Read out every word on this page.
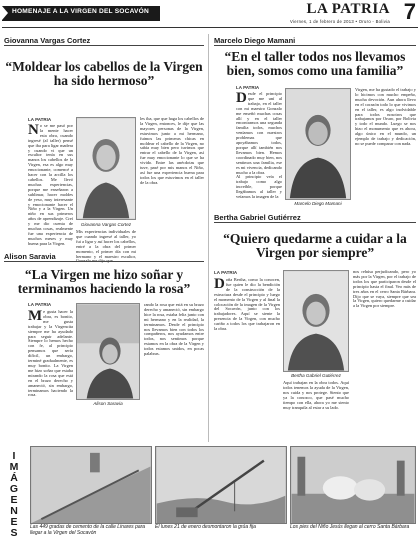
HOMENAJE A LA VIRGEN DEL SOCAVÓN	LA PATRIA
Viernes, 1 de febrero de 2013 • Oruro - Bolivia 7
Giovanna Vargas Cortez
“Moldear los cabellos de la Virgen ha sido hermoso”
LA PATRIA
No se me pasó por la mente hacer esta obra, cuando ingresé (al taller) pensé que iba para ligar madera y cuando vi que un escultor tenía en sus manos los cabellos de la Virgen, esa es algo muy emocionante, comencé a hacer con la arcilla los cabellos. Me llevó muchas experiencias, porque me enseñaron a sublimar, hacer moldes de yeso, muy interesante y emocionante hacer el Niño y a la Virgen. Un niño en sus primeros años de aprendizaje. Creí y me dio cuenta de muchas cosas, realmente fue una experiencia de muchos meses y muy buena para la Virgen.
Giovanna Vargas Cortez
Mis experiencias individuales de que cuando ingresé al taller, yo fui a ligar y así hacer los cabellos, entré a la obra del primer momento, el primer día con mi hermano y el maestro escultor,
les iba, que que haga los cabellos de la Virgen, entonces, le dije que las mayores personas de la Virgen, estuvimos junto a mi hermano, fuimos las primeras chicas en moldear el cabello de la Virgen, no sabía muy bien pero tuvimos que entrar el cabello de la Virgen, así fue muy emocionante lo que se ha vivido. Entre las anécdotas que tuve, pasé por mis manos el Niño, así fue una experiencia buena para todos los que estuvimos en el taller de la obra.
Marcelo Diego Mamani
“En el taller todos nos llevamos bien, somos como una familia”
LA PATRIA
Desde el principio que me uní al trabajo, en el taller con mi maestro Gonzalo me enseñó muchas cosas allí y en el taller encontramos una segunda familia todos, muchos veníamos con nuestros problemas que apoyábamos todos, porque allí también nos llevamos bien. Hemos coordinado muy bien, nos sentimos una familia, ese es mi vivencia, dedicando mucho a la obra.
Al principio veía el trabajo como algo increíble, porque llegábamos al taller y veíamos la imagen de la
Marcelo Diego Mamani
Virgen, me ha gustado el trabajo y lo hicimos con mucho empeño, mucha devoción. Aun ahora llevo en el corazón todo lo que vivimos en el taller, es algo inolvidable para todos nosotros que trabajamos por Oruro, por Bolivia y todo el mundo. Luego se nos hizo el monumento que es ahora, algo único en el mundo, un ejemplo de trabajo y dedicación, no se puede comparar con nada.
Alison Saravia
“La Virgen me hizo soñar y terminamos haciendo la rosa”
LA PATRIA
Me gusta hacer la obra, es bonito, me gusta trabajar y la Virgencita siempre me ha ayudado para seguir adelante. Siempre lo hemos hecho con fe, al principio pensamos que sería difícil, un embargo, terminé gradualmente, es muy bonito. La Virgen me hizo soñar que estaba mirando la rosa que está en el brazo derecho y amaneció, sin embargo, terminamos haciendo la rosa.
Alison Saravia
rando la rosa que está en su brazo derecho y amaneció, sin embargo hice la rosa, estaba feliz junto con mi hermano y en la realidad, la terminamos. Desde el principio nos llevamos bien con todos los compañeros, nos ayudamos entre todos, nos sentimos porque estamos en la obra de la Virgen y todos estamos unidos, en pocas palabras.
Bertha Gabriel Gutiérrez
“Quiero quedarme a cuidar a la Virgen por siempre”
LA PATRIA
Doña Bertha, como la conocen, fue quien le dio la bendición de la construcción de la estructura desde el principio y luego el momento de la Virgen y al final la colocación de la imagen de la Virgen del Socavón, junto con los trabajadores. Aquí se siente la presencia de la Virgen, con mucho cariño a todos los que trabajaron en la obra.
Bertha Gabriel Gutiérrez
Aquí trabajan en la obra todos. Aquí todos tenemos la ayuda de la Virgen, nos cuida y nos protege. Siento que ya la conozco, que pasé mucho tiempo con ella, ahora yo me siento muy tranquila al estar a su lado.
nos rehúsa perjudicando, pero yo más por la Virgen, por el trabajo de todos los que participaron desde el principio hasta el final. Veo más de tres años en el cerro Santa Bárbara. Dijo que se vaya, siempre que sea la Virgen, quiero quedarme a cuidar a la Virgen por siempre.
I
M
Á
G
E
N
E
S	Las 449 gradas de cemento de la calle Linares para llegar a la Virgen del Socavón
El lunes 21 de enero desmontaron la grúa fija	Los pies del Niño Jesús llegan al cerro Santa Bárbara
